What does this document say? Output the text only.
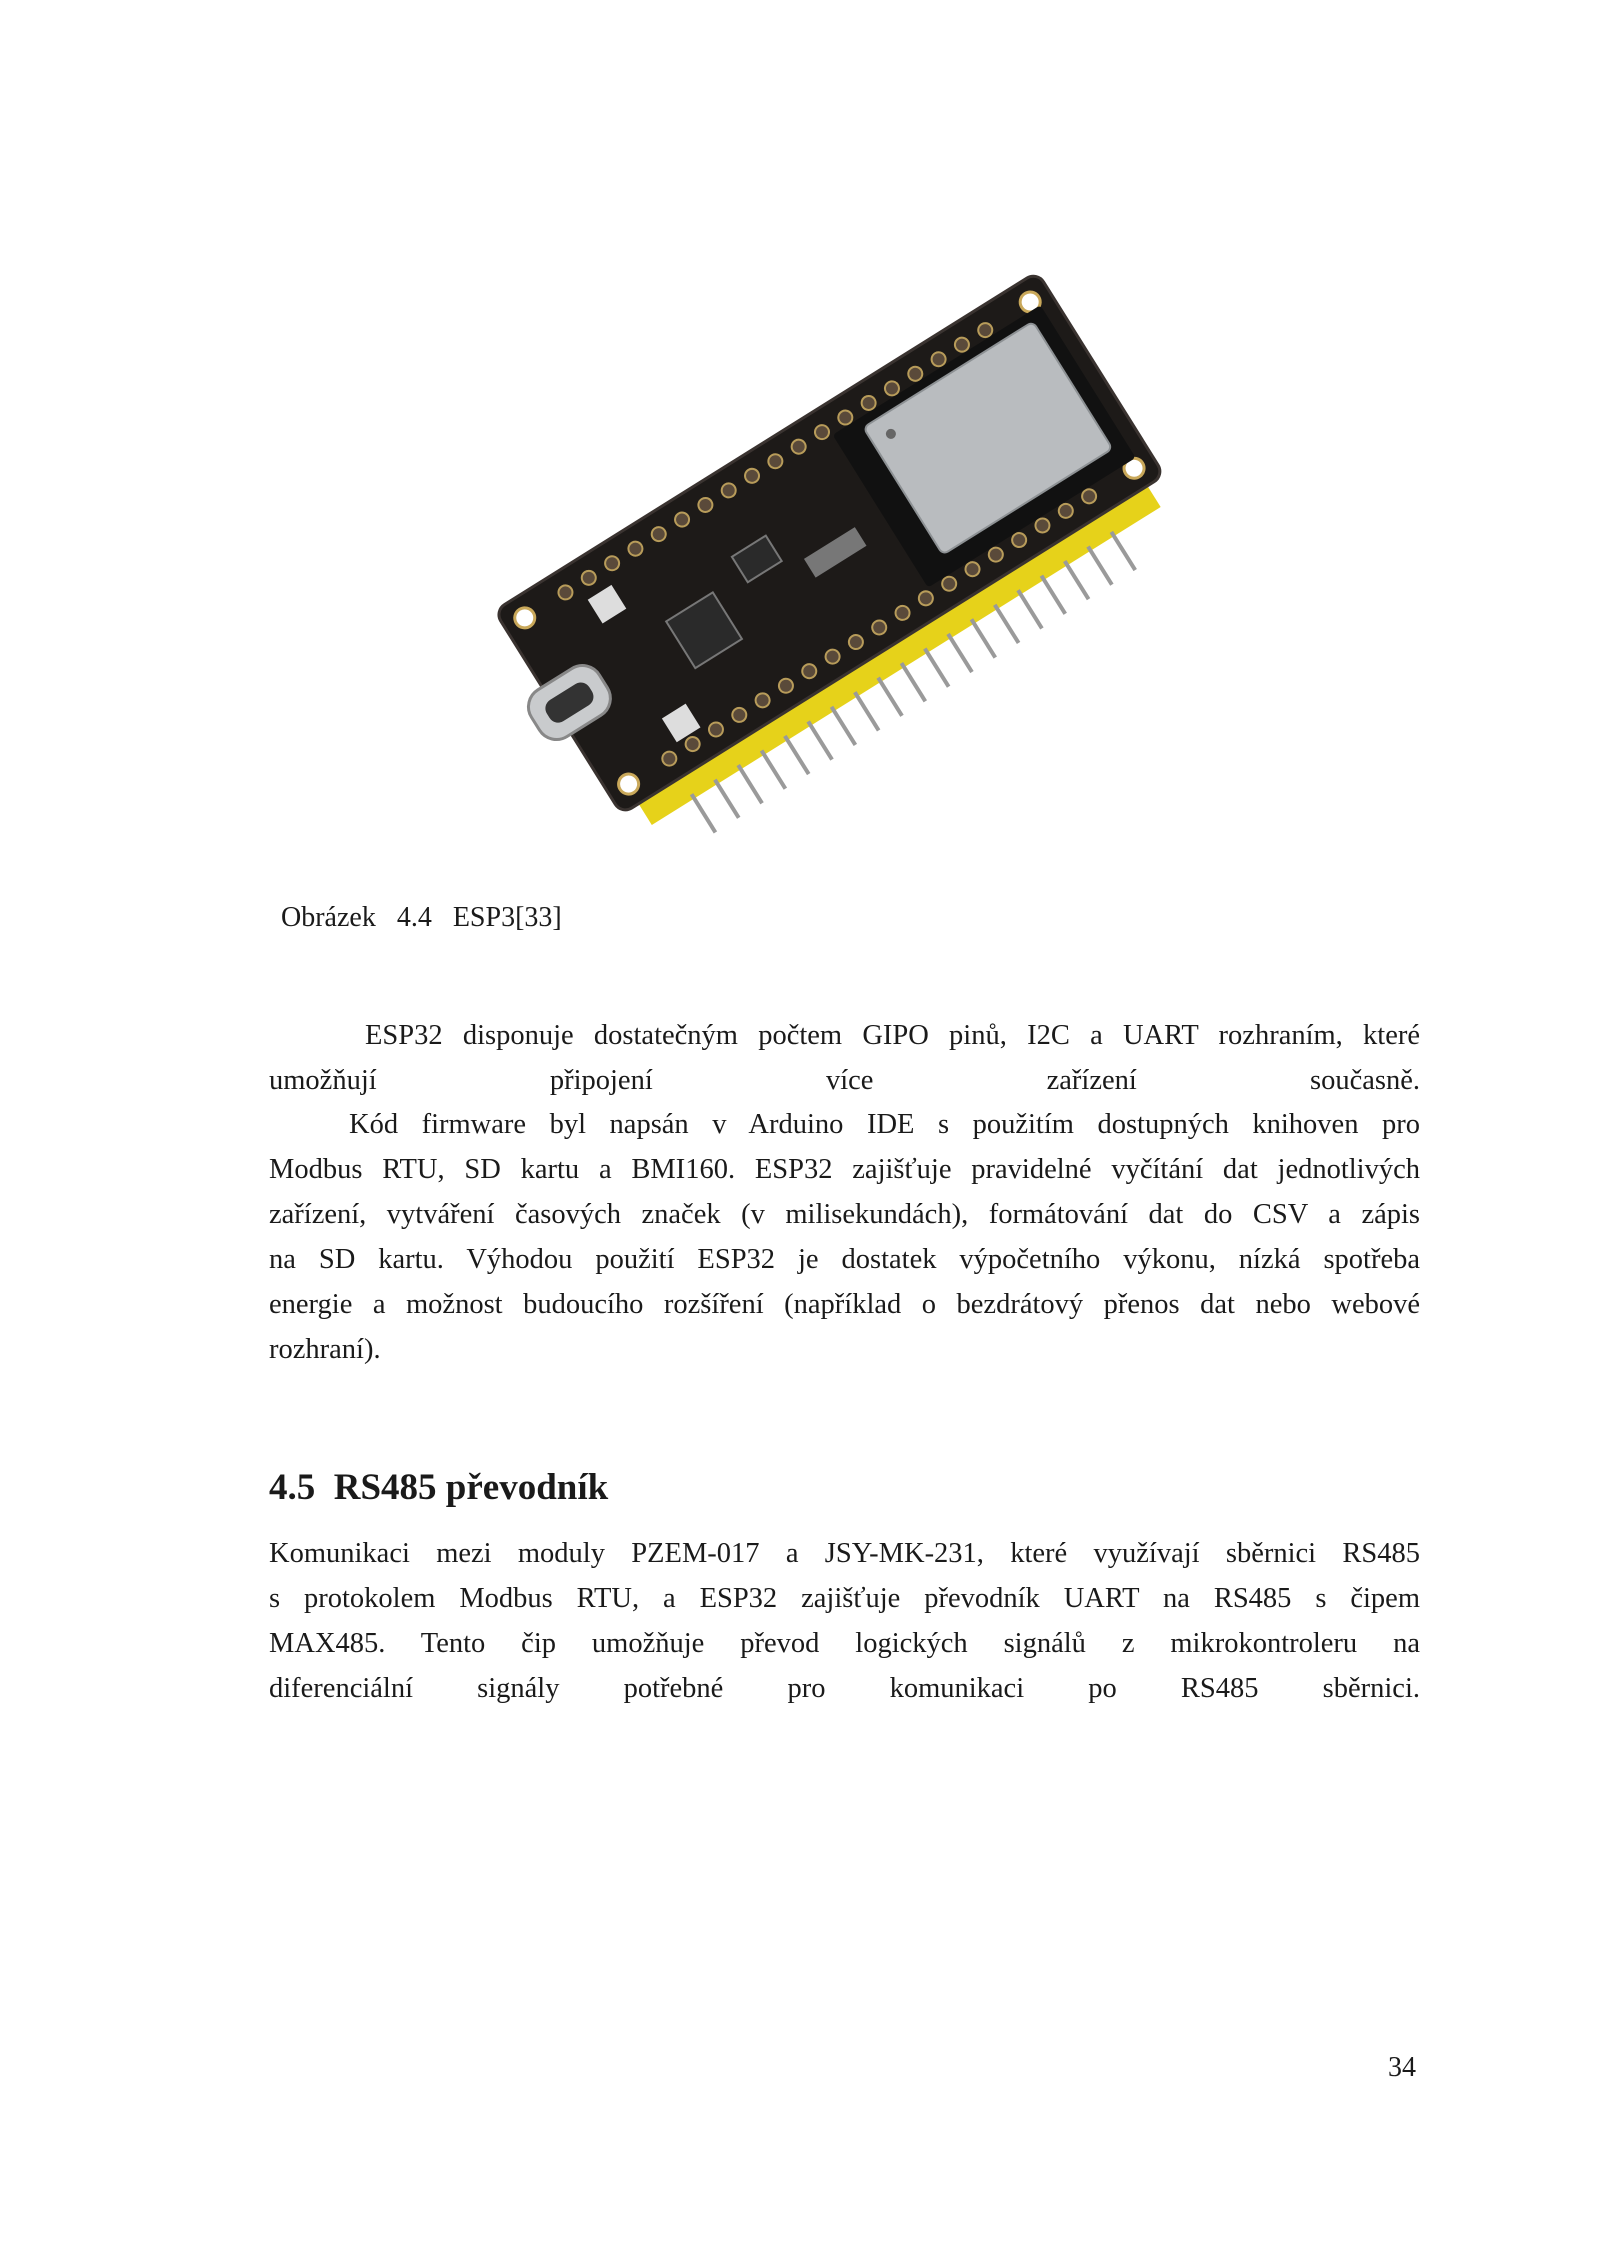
Obrázek   4.4   ESP3[33]
ESP32 disponuje dostatečným počtem GIPO pinů, I2C a UART rozhraním, které
umožňují připojení více zařízení současně.
Kód firmware byl napsán v Arduino IDE s použitím dostupných knihoven pro
Modbus RTU, SD kartu a BMI160. ESP32 zajišťuje pravidelné vyčítání dat jednotlivých
zařízení, vytváření časových značek (v milisekundách), formátování dat do CSV a zápis
na SD kartu. Výhodou použití ESP32 je dostatek výpočetního výkonu, nízká spotřeba
energie a možnost budoucího rozšíření (například o bezdrátový přenos dat nebo webové
rozhraní).
4.5  RS485 převodník
Komunikaci mezi moduly PZEM-017 a JSY-MK-231, které využívají sběrnici RS485
s protokolem Modbus RTU, a ESP32 zajišťuje převodník UART na RS485 s čipem
MAX485. Tento čip umožňuje převod logických signálů z mikrokontroleru na
diferenciální signály potřebné pro komunikaci po RS485 sběrnici.
34
